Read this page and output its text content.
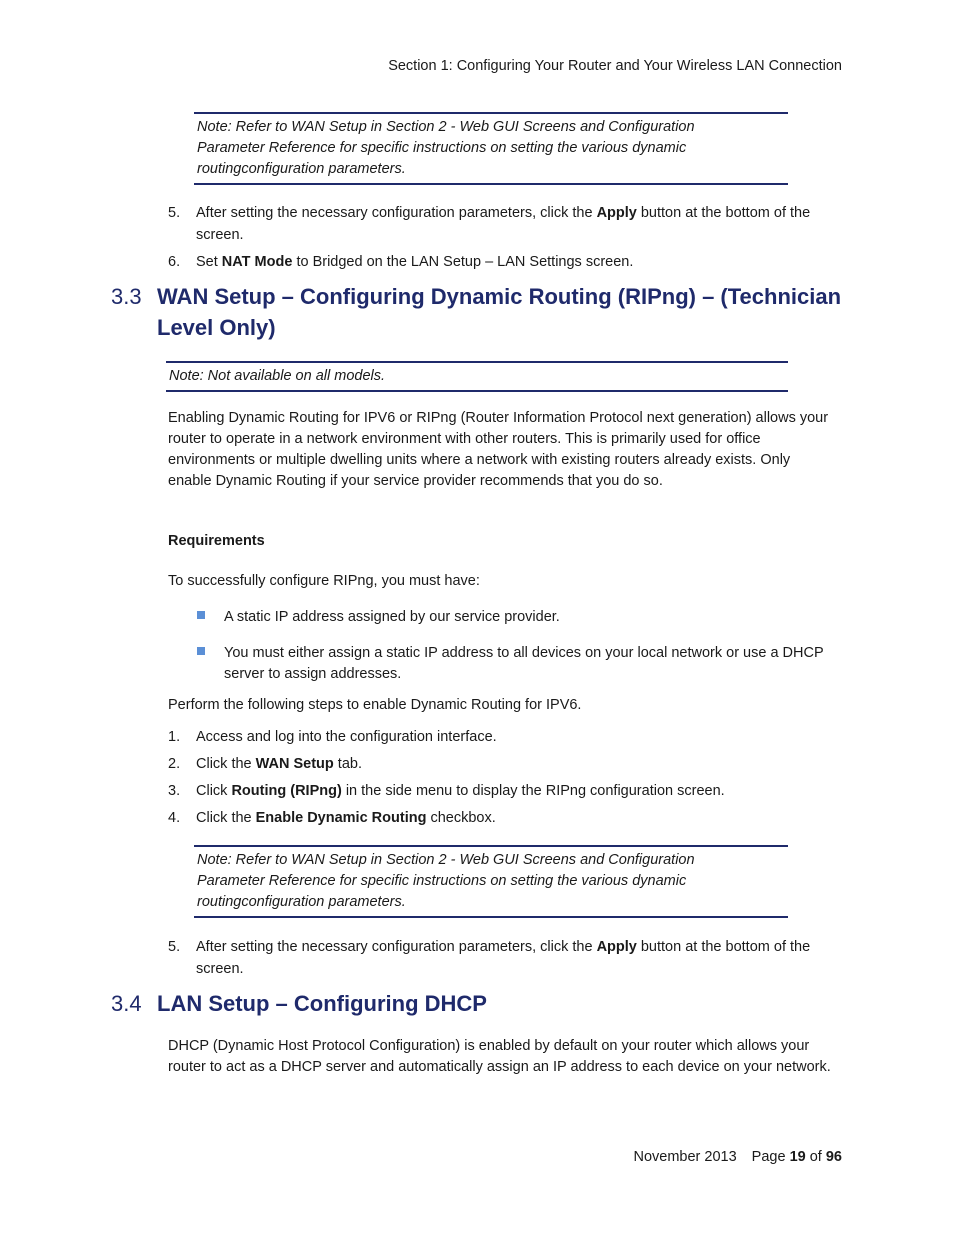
Section 1: Configuring Your Router and Your Wireless LAN Connection
Note: Refer to WAN Setup in Section 2 - Web GUI Screens and Configuration
Parameter Reference for specific instructions on setting the various dynamic
routingconfiguration parameters.
5.	After setting the necessary configuration parameters, click the Apply button at the bottom of the screen.
6.	Set NAT Mode to Bridged on the LAN Setup – LAN Settings screen.
3.3 WAN Setup – Configuring Dynamic Routing (RIPng) – (Technician
Level Only)
Note: Not available on all models.
Enabling Dynamic Routing for IPV6 or RIPng (Router Information Protocol next generation) allows your router to operate in a network environment with other routers. This is primarily used for office environments or multiple dwelling units where a network with existing routers already exists. Only enable Dynamic Routing if your service provider recommends that you do so.
Requirements
To successfully configure RIPng, you must have:
A static IP address assigned by our service provider.
You must either assign a static IP address to all devices on your local network or use a DHCP server to assign addresses.
Perform the following steps to enable Dynamic Routing for IPV6.
1.	Access and log into the configuration interface.
2.	Click the WAN Setup tab.
3.	Click Routing (RIPng) in the side menu to display the RIPng configuration screen.
4.	Click the Enable Dynamic Routing checkbox.
Note: Refer to WAN Setup in Section 2 - Web GUI Screens and Configuration
Parameter Reference for specific instructions on setting the various dynamic
routingconfiguration parameters.
5.	After setting the necessary configuration parameters, click the Apply button at the bottom of the screen.
3.4 LAN Setup – Configuring DHCP
DHCP (Dynamic Host Protocol Configuration) is enabled by default on your router which allows your router to act as a DHCP server and automatically assign an IP address to each device on your network.
November 2013 Page 19 of 96
